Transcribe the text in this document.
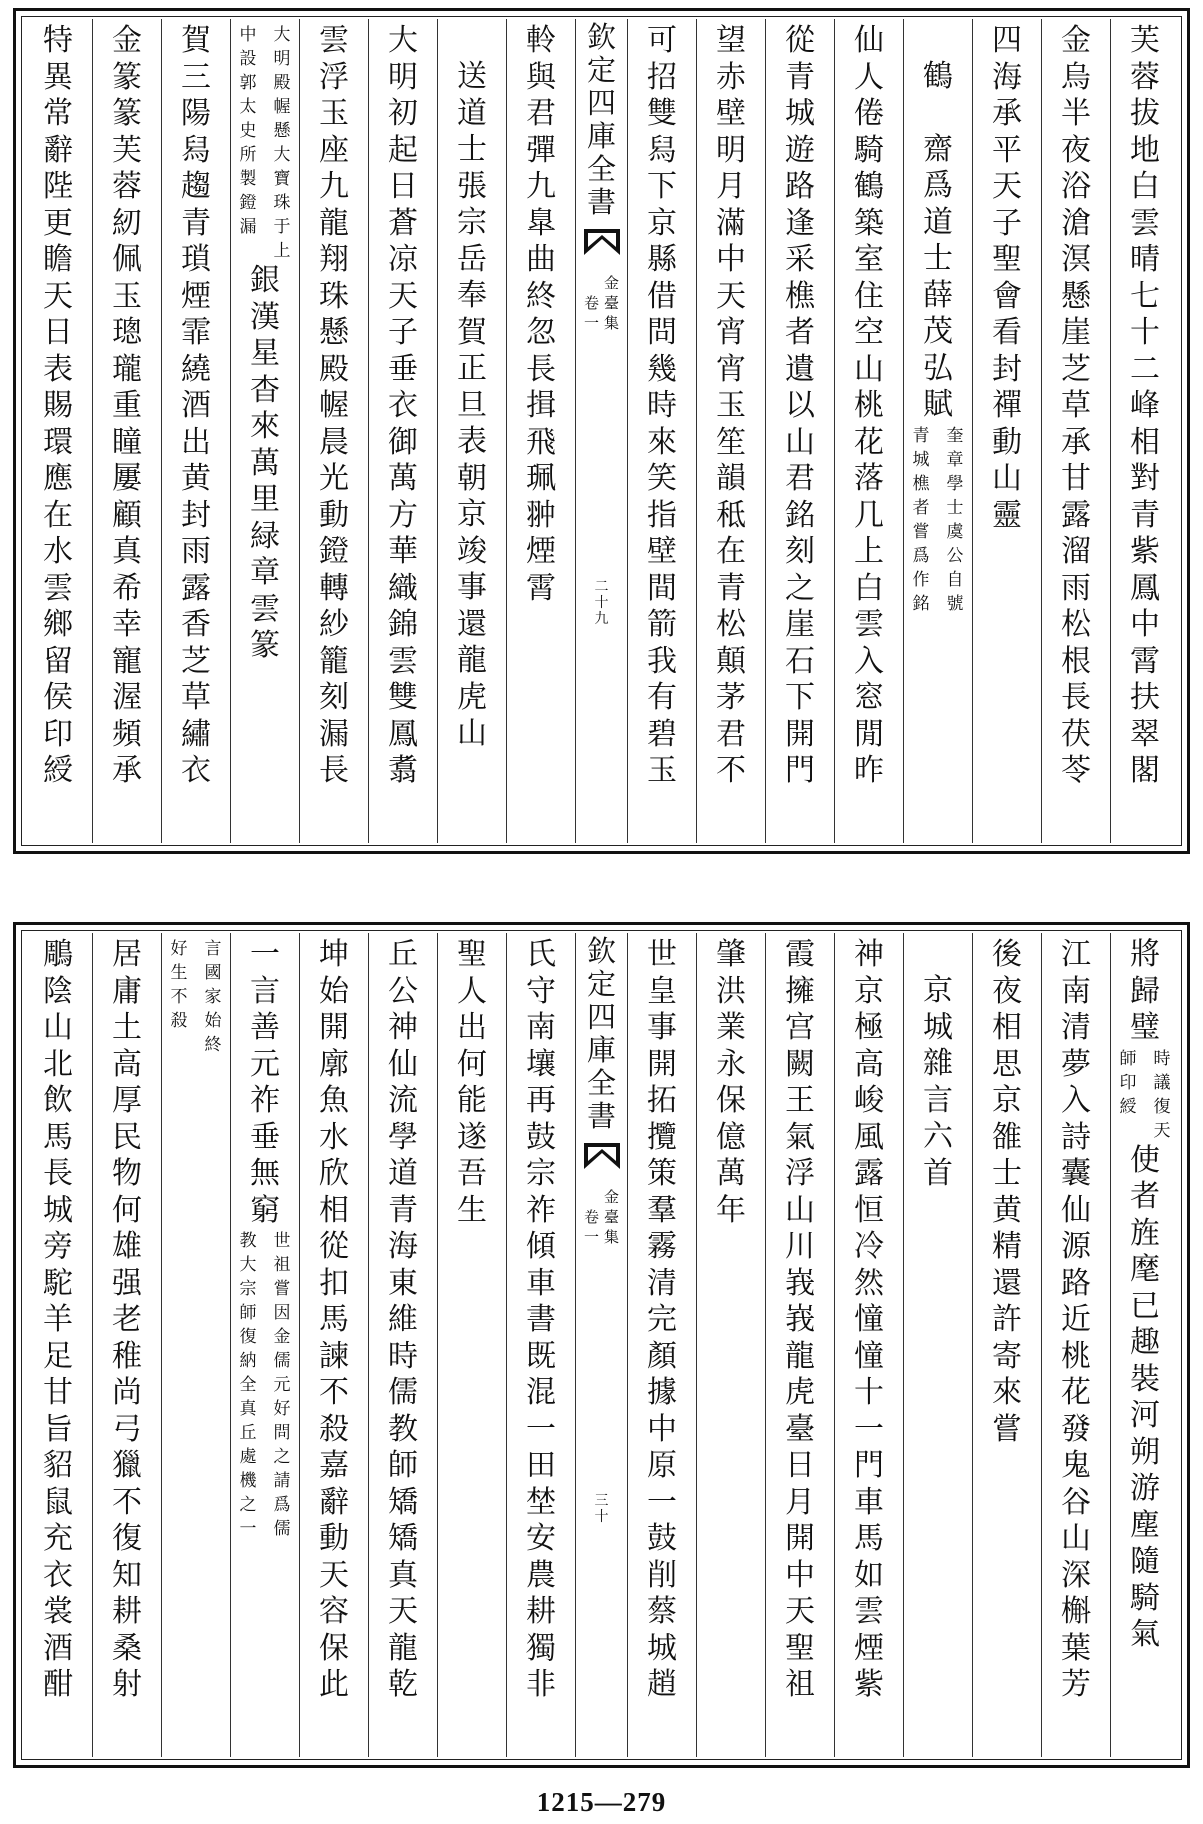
芙
蓉
拔
地
白
雲
晴
七
十
二
峰
相
對
青
紫
鳳
中
霄
扶
翠
閣
金
烏
半
夜
浴
滄
溟
懸
崖
芝
草
承
甘
露
溜
雨
松
根
長
茯
苓
四
海
承
平
天
子
聖
會
看
封
禪
動
山
靈
鶴
齋
爲
道
士
薛
茂
弘
賦
奎
章
學
士
虞
公
自
號
青
城
樵
者
嘗
爲
作
銘
仙
人
倦
騎
鶴
築
室
住
空
山
桃
花
落
几
上
白
雲
入
窓
閒
昨
從
青
城
遊
路
逢
采
樵
者
遺
以
山
君
銘
刻
之
崖
石
下
開
門
望
赤
壁
明
月
滿
中
天
宵
宵
玉
笙
韻
秪
在
青
松
顛
茅
君
不
可
招
雙
舄
下
京
縣
借
問
幾
時
來
笑
指
壁
間
箭
我
有
碧
玉
欽
定
四
庫
全
書
金
臺
集
卷
一
二
十
九
軨
與
君
彈
九
臯
曲
終
忽
長
揖
飛
珮
翀
煙
霄
送
道
士
張
宗
岳
奉
賀
正
旦
表
朝
京
竣
事
還
龍
虎
山
大
明
初
起
日
蒼
凉
天
子
垂
衣
御
萬
方
華
織
錦
雲
雙
鳳
翥
雲
浮
玉
座
九
龍
翔
珠
懸
殿
幄
晨
光
動
鐙
轉
紗
籠
刻
漏
長
大
明
殿
幄
懸
大
寶
珠
于
上
中
設
郭
太
史
所
製
鐙
漏
銀
漢
星
杳
來
萬
里
緑
章
雲
篆
賀
三
陽
舄
趨
青
瑣
煙
霏
繞
酒
出
黄
封
雨
露
香
芝
草
繡
衣
金
篆
篆
芙
蓉
紉
佩
玉
璁
瓏
重
瞳
屢
顧
真
希
幸
寵
渥
頻
承
特
異
常
辭
陛
更
瞻
天
日
表
賜
環
應
在
水
雲
鄉
留
侯
印
綬
將
歸
璧
時
議
復
天
師
印
綬
使
者
旌
麾
已
趣
裝
河
朔
游
塵
隨
騎
氣
江
南
清
夢
入
詩
囊
仙
源
路
近
桃
花
發
鬼
谷
山
深
槲
葉
芳
後
夜
相
思
京
雒
士
黄
精
還
許
寄
來
嘗
京
城
雜
言
六
首
神
京
極
高
峻
風
露
恒
冷
然
憧
憧
十
一
門
車
馬
如
雲
煙
紫
霞
擁
宫
闕
王
氣
浮
山
川
峩
峩
龍
虎
臺
日
月
開
中
天
聖
祖
肇
洪
業
永
保
億
萬
年
世
皇
事
開
拓
攬
策
羣
霧
清
完
顏
據
中
原
一
鼓
削
蔡
城
趙
欽
定
四
庫
全
書
金
臺
集
卷
一
三
十
氏
守
南
壤
再
鼓
宗
祚
傾
車
書
既
混
一
田
埜
安
農
耕
獨
非
聖
人
出
何
能
遂
吾
生
丘
公
神
仙
流
學
道
青
海
東
維
時
儒
教
師
矯
矯
真
天
龍
乾
坤
始
開
廓
魚
水
欣
相
從
扣
馬
諫
不
殺
嘉
辭
動
天
容
保
此
一
言
善
元
祚
垂
無
窮
世
祖
嘗
因
金
儒
元
好
問
之
請
爲
儒
教
大
宗
師
復
納
全
真
丘
處
機
之
一
言
國
家
始
終
好
生
不
殺
居
庸
土
高
厚
民
物
何
雄
强
老
稚
尚
弓
獵
不
復
知
耕
桑
射
鵰
陰
山
北
飲
馬
長
城
旁
駝
羊
足
甘
旨
貂
鼠
充
衣
裳
酒
酣
1215—279
